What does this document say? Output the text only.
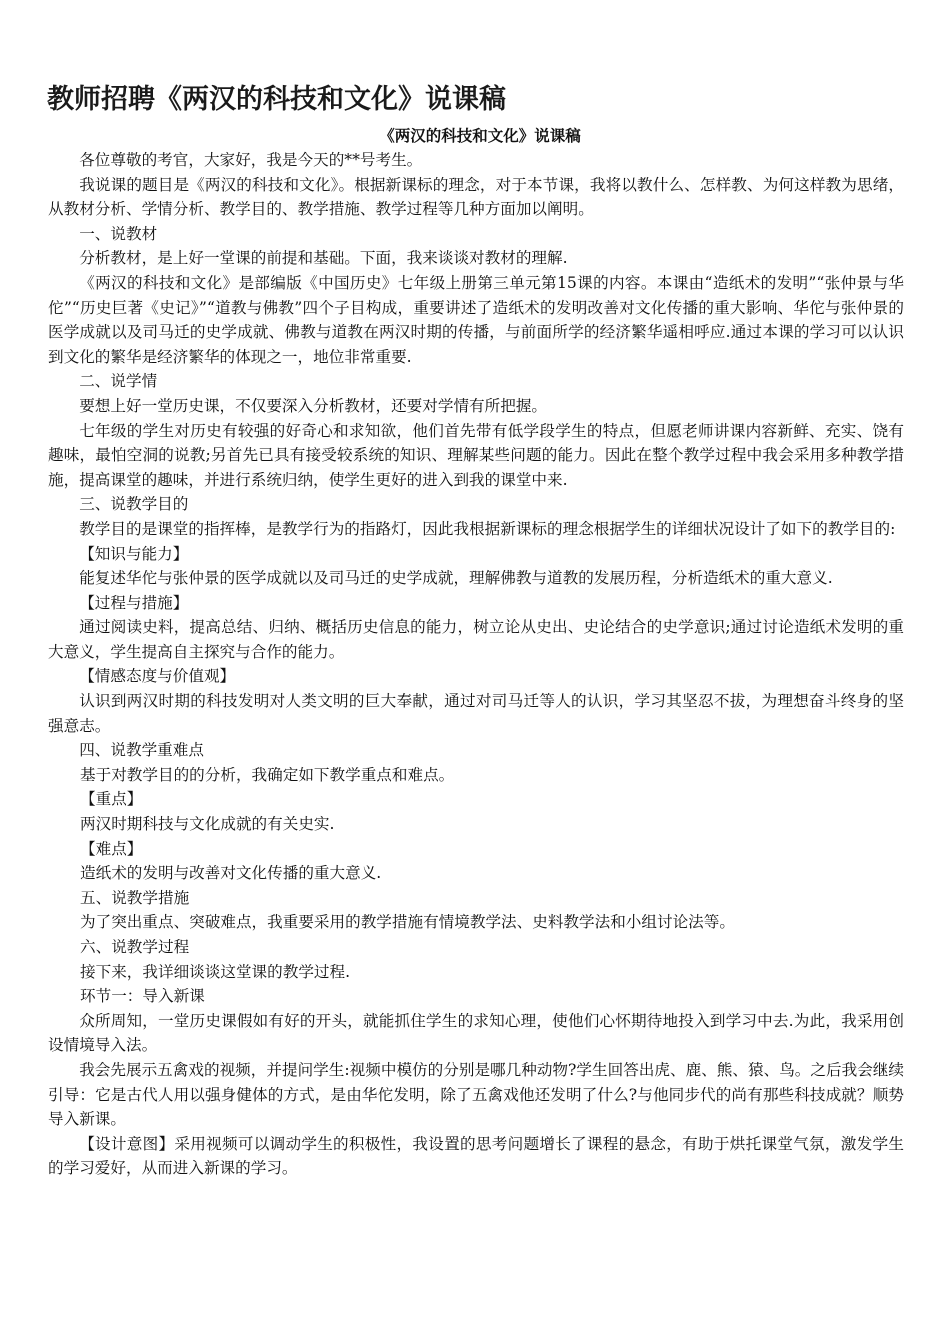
教师招聘《两汉的科技和文化》说课稿
《两汉的科技和文化》说课稿

各位尊敬的考官，大家好，我是今天的**号考生。

我说课的题目是《两汉的科技和文化》。根据新课标的理念，对于本节课，我将以教什么、怎样教、为何这样教为思绪，从教材分析、学情分析、教学目的、教学措施、教学过程等几种方面加以阐明。

一、说教材

分析教材，是上好一堂课的前提和基础。下面，我来谈谈对教材的理解.

《两汉的科技和文化》是部编版《中国历史》七年级上册第三单元第15课的内容。本课由“造纸术的发明”“张仲景与华佗”“历史巨著《史记》”“道教与佛教”四个子目构成，重要讲述了造纸术的发明改善对文化传播的重大影响、华佗与张仲景的医学成就以及司马迁的史学成就、佛教与道教在两汉时期的传播，与前面所学的经济繁华遥相呼应.通过本课的学习可以认识到文化的繁华是经济繁华的体现之一，地位非常重要.

二、说学情

要想上好一堂历史课，不仅要深入分析教材，还要对学情有所把握。

七年级的学生对历史有较强的好奇心和求知欲，他们首先带有低学段学生的特点，但愿老师讲课内容新鲜、充实、饶有趣味，最怕空洞的说教;另首先已具有接受较系统的知识、理解某些问题的能力。因此在整个教学过程中我会采用多种教学措施，提高课堂的趣味，并进行系统归纳，使学生更好的进入到我的课堂中来.

三、说教学目的

教学目的是课堂的指挥棒，是教学行为的指路灯，因此我根据新课标的理念根据学生的详细状况设计了如下的教学目的:

【知识与能力】

能复述华佗与张仲景的医学成就以及司马迁的史学成就，理解佛教与道教的发展历程，分析造纸术的重大意义.

【过程与措施】

通过阅读史料，提高总结、归纳、概括历史信息的能力，树立论从史出、史论结合的史学意识;通过讨论造纸术发明的重大意义，学生提高自主探究与合作的能力。

【情感态度与价值观】

认识到两汉时期的科技发明对人类文明的巨大奉献，通过对司马迁等人的认识，学习其坚忍不拔，为理想奋斗终身的坚强意志。

四、说教学重难点

基于对教学目的的分析，我确定如下教学重点和难点。

【重点】

两汉时期科技与文化成就的有关史实.

【难点】

造纸术的发明与改善对文化传播的重大意义.

五、说教学措施

为了突出重点、突破难点，我重要采用的教学措施有情境教学法、史料教学法和小组讨论法等。

六、说教学过程

接下来，我详细谈谈这堂课的教学过程.

环节一：导入新课

众所周知，一堂历史课假如有好的开头，就能抓住学生的求知心理，使他们心怀期待地投入到学习中去.为此，我采用创设情境导入法。

我会先展示五禽戏的视频，并提问学生:视频中模仿的分别是哪几种动物?学生回答出虎、鹿、熊、猿、鸟。之后我会继续引导：它是古代人用以强身健体的方式，是由华佗发明，除了五禽戏他还发明了什么?与他同步代的尚有那些科技成就？顺势导入新课。

【设计意图】采用视频可以调动学生的积极性，我设置的思考问题增长了课程的悬念，有助于烘托课堂气氛，激发学生的学习爱好，从而进入新课的学习。
